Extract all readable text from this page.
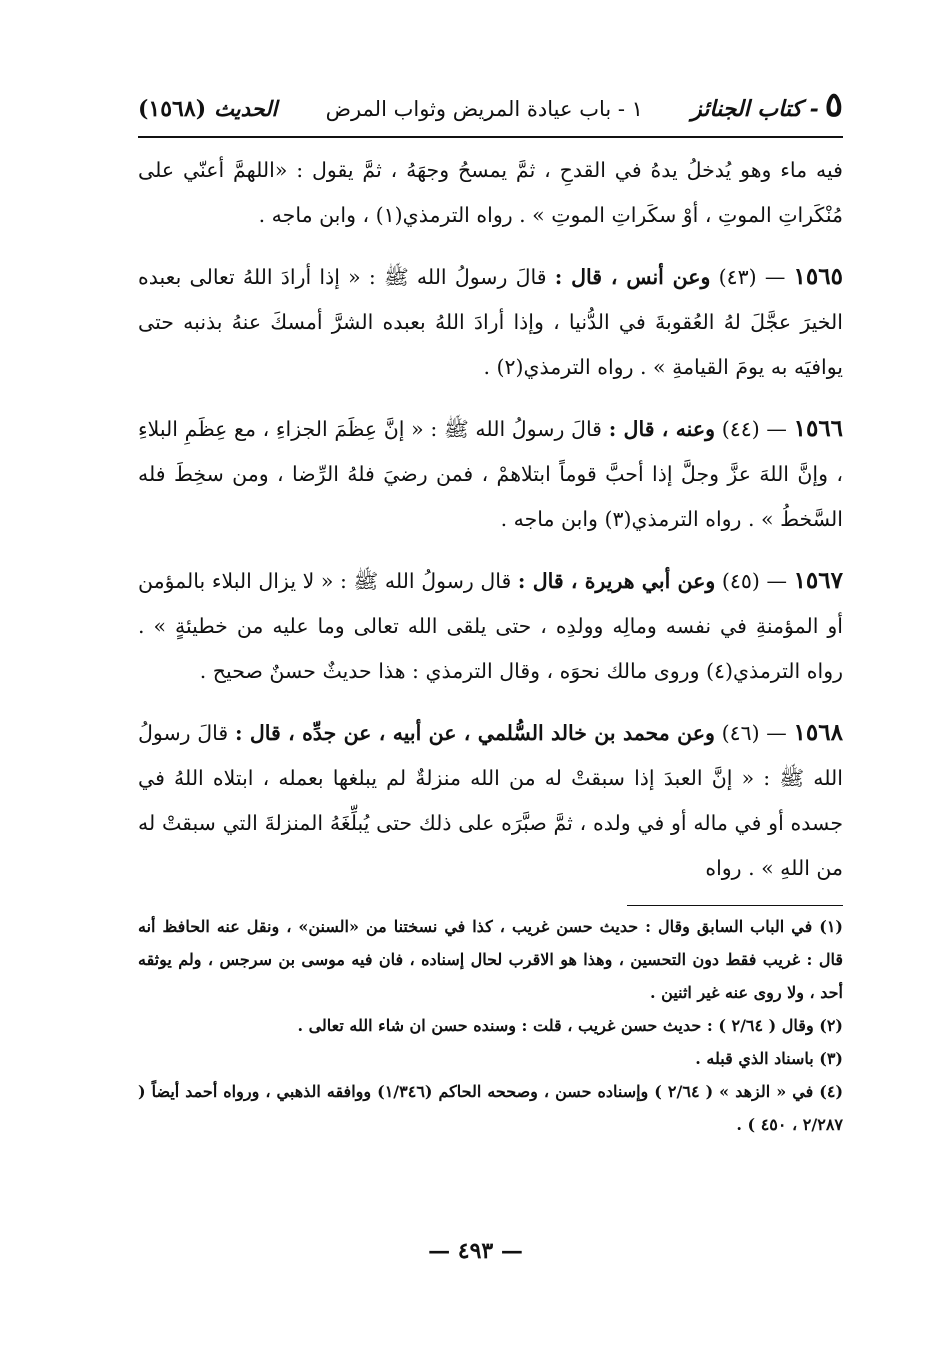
٥
- كتاب الجنائز
١ - باب عيادة المريض وثواب المرض
الحديث
(١٥٦٨)

فيه ماء وهو يُدخلُ يدهُ في القدحِ ، ثمَّ يمسحُ وجهَهُ ، ثمَّ يقول : «اللهمَّ أعنّي على مُنْكَراتِ الموتِ ، أوْ سكَراتِ الموتِ » . رواه الترمذي(١) ، وابن ماجه .

١٥٦٥ — (٤٣) وعن أنس ، قال : قالَ رسولُ الله ﷺ : « إذا أرادَ اللهُ تعالى بعبده الخيرَ عجَّلَ لهُ العُقوبةَ في الدُّنيا ، وإذا أرادَ اللهُ بعبده الشرَّ أمسكَ عنهُ بذنبه حتى يوافيَه به يومَ القيامةِ » . رواه الترمذي(٢) .

١٥٦٦ — (٤٤) وعنه ، قال : قالَ رسولُ الله ﷺ : « إنَّ عِظَمَ الجزاءِ ، مع عِظَمِ البلاءِ ، وإنَّ اللهَ عزَّ وجلَّ إذا أحبَّ قوماً ابتلاهمْ ، فمن رضيَ فلهُ الرِّضا ، ومن سخِطَ فله السَّخطُ » . رواه الترمذي(٣) وابن ماجه .

١٥٦٧ — (٤٥) وعن أبي هريرة ، قال : قال رسولُ الله ﷺ : « لا يزال البلاء بالمؤمن أو المؤمنةِ في نفسه ومالِه وولدِه ، حتى يلقى الله تعالى وما عليه من خطيئةٍ » . رواه الترمذي(٤) وروى مالك نحوَه ، وقال الترمذي : هذا حديثٌ حسنٌ صحيح .

١٥٦٨ — (٤٦) وعن محمد بن خالد السُّلمي ، عن أبيه ، عن جدِّه ، قال : قالَ رسولُ الله ﷺ : « إنَّ العبدَ إذا سبقتْ له من الله منزلةٌ لم يبلغها بعمله ، ابتلاه اللهُ في جسده أو في ماله أو في ولده ، ثمَّ صبَّرَه على ذلك حتى يُبلِّغَهُ المنزلةَ التي سبقتْ له من اللهِ » . رواه

(١) في الباب السابق وقال : حديث حسن غريب ، كذا في نسختنا من «السنن» ، ونقل عنه الحافظ أنه قال : غريب فقط دون التحسين ، وهذا هو الاقرب لحال إسناده ، فان فيه موسى بن سرجس ، ولم يوثقه أحد ، ولا روى عنه غير اثنين .

(٢) وقال ( ٢/٦٤ ) : حديث حسن غريب ، قلت : وسنده حسن ان شاء الله تعالى .

(٣) باسناد الذي قبله .

(٤) في « الزهد » ( ٢/٦٤ ) وإسناده حسن ، وصححه الحاكم (١/٣٤٦) ووافقه الذهبي ، ورواه أحمد أيضاً ( ٢/٢٨٧ ، ٤٥٠ ) .

— ٤٩٣ —
